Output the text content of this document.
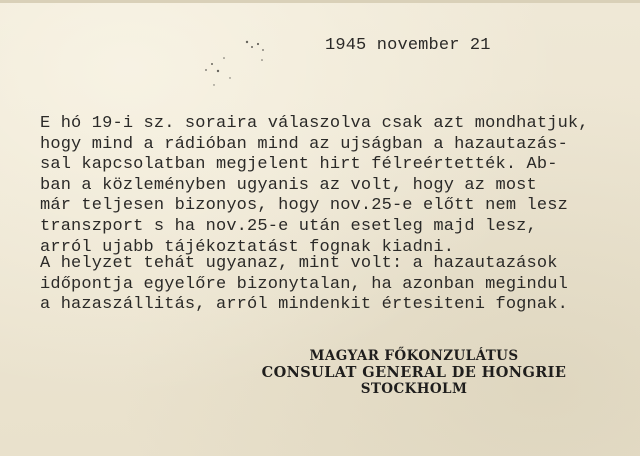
1945 november 21
E hó 19-i sz. soraira válaszolva csak azt mondhatjuk,
hogy mind a rádióban mind az ujságban a hazautazás-
sal kapcsolatban megjelent hirt félreértették. Ab-
ban a közleményben ugyanis az volt, hogy az most
már teljesen bizonyos, hogy nov.25-e előtt nem lesz
transzport s ha nov.25-e után esetleg majd lesz,
arról ujabb tájékoztatást fognak kiadni.
A helyzet tehát ugyanaz, mint volt: a hazautazások
időpontja egyelőre bizonytalan, ha azonban megindul
a hazaszállitás, arról mindenkit értesiteni fognak.
MAGYAR FŐKONZULÁTUS
CONSULAT GENERAL DE HONGRIE
STOCKHOLM
